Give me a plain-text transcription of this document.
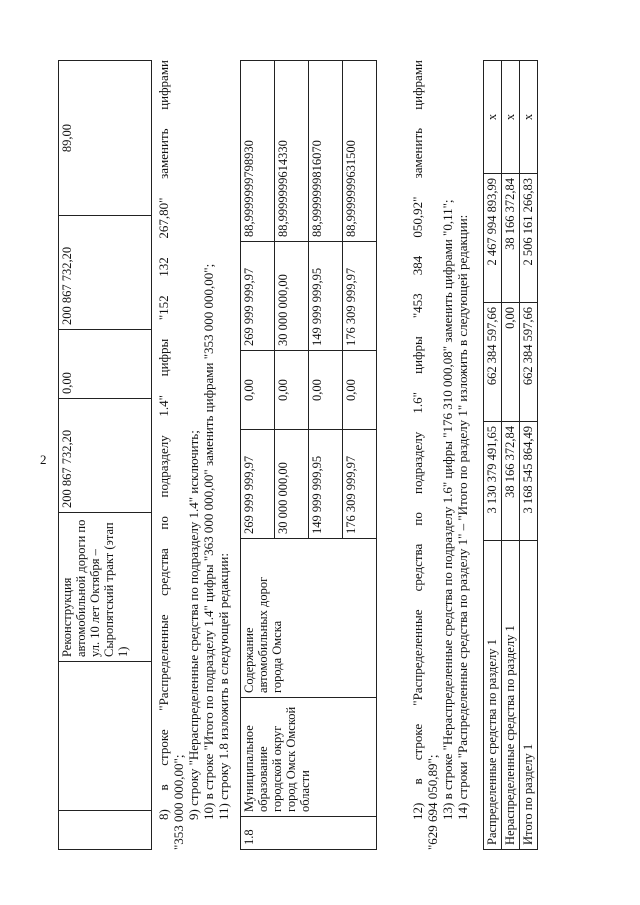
2
		Реконструкция автомобильной дороги по ул. 10 лет Октября – Сыропятский тракт (этап 1)	200 867 732,20	0,00	200 867 732,20	89,00	8) в строке "Распределенные средства по подразделу 1.4" цифры "152 132 267,80" заменить цифрами "353 000 000,00"; 9) строку "Нераспределенные средства по подразделу 1.4" исключить; 10) в строке "Итого по подразделу 1.4" цифры "363 000 000,00" заменить цифрами "353 000 000,00"; 11) строку 1.8 изложить в следующей редакции:
1.8	Муниципальное образование городской округ город Омск Омской области	Содержание автомобильных дорог города Омска	269 999 999,97	0,00	269 999 999,97	88,9999999798930
			30 000 000,00	0,00	30 000 000,00	88,9999999614330
			149 999 999,95	0,00	149 999 999,95	88,9999999816070
			176 309 999,97	0,00	176 309 999,97	88,9999999631500	12) в строке "Распределенные средства по подразделу 1.6" цифры "453 384 050,92" заменить цифрами "629 694 050,89"; 13) в строке "Нераспределенные средства по подразделу 1.6" цифры "176 310 000,08" заменить цифрами "0,11"; 14) строки "Распределенные средства по разделу 1" – "Итого по разделу 1" изложить в следующей редакции: Распределенные средства по разделу 1	3 130 379 491,65	662 384 597,66	2 467 994 893,99	x
Нераспределенные средства по разделу 1	38 166 372,84	0,00	38 166 372,84	x
Итого по разделу 1	3 168 545 864,49	662 384 597,66	2 506 161 266,83	x
